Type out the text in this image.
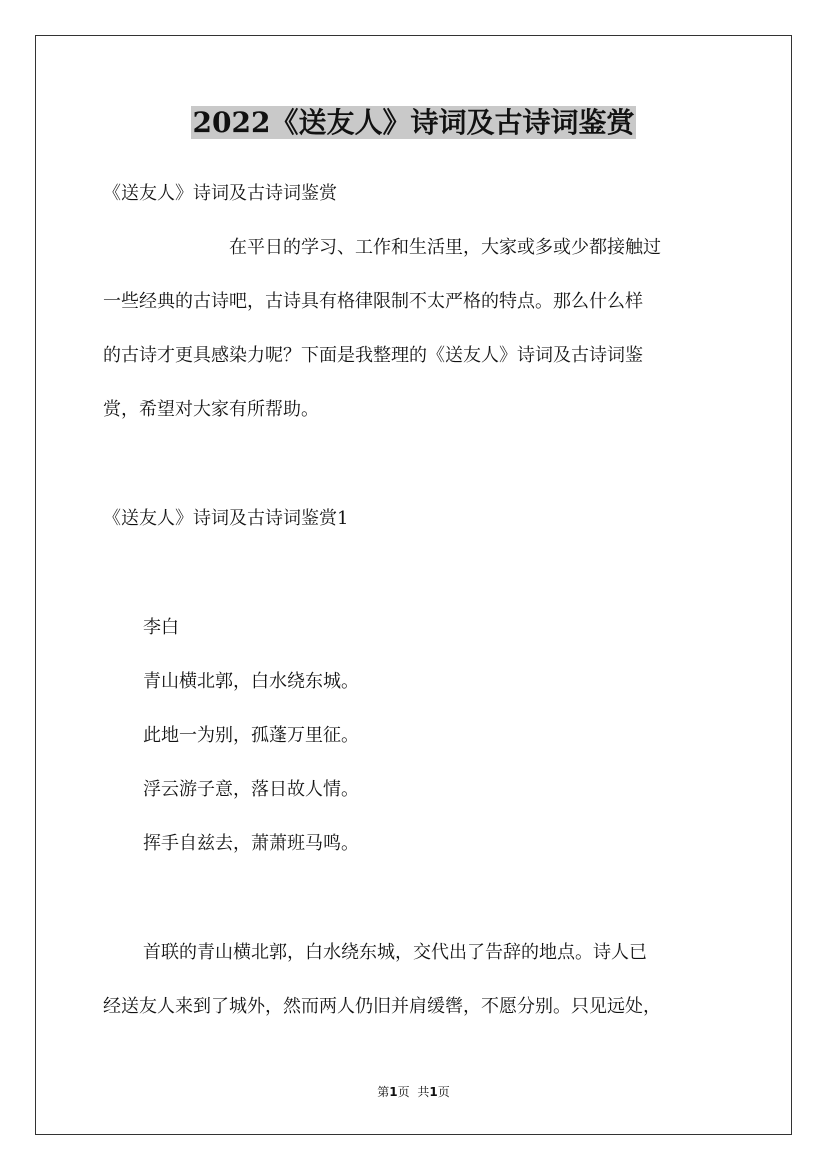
2022《送友人》诗词及古诗词鉴赏

《送友人》诗词及古诗词鉴赏

在平日的学习、工作和生活里，大家或多或少都接触过

一些经典的古诗吧，古诗具有格律限制不太严格的特点。那么什么样

的古诗才更具感染力呢？下面是我整理的《送友人》诗词及古诗词鉴

赏，希望对大家有所帮助。

《送友人》诗词及古诗词鉴赏1

李白

青山横北郭，白水绕东城。

此地一为别，孤蓬万里征。

浮云游子意，落日故人情。

挥手自兹去，萧萧班马鸣。

首联的青山横北郭，白水绕东城，交代出了告辞的地点。诗人已

经送友人来到了城外，然而两人仍旧并肩缓辔，不愿分别。只见远处，

第1页 共1页
